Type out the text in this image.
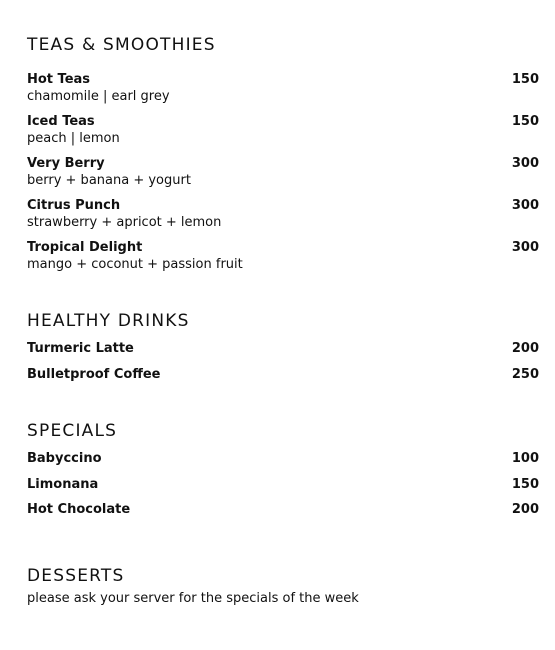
TEAS & SMOOTHIES
Hot Teas
chamomile | earl grey
150
Iced Teas
peach | lemon
150
Very Berry
berry + banana + yogurt
300
Citrus Punch
strawberry + apricot + lemon
300
Tropical Delight
mango + coconut + passion fruit
300
HEALTHY DRINKS
Turmeric Latte	200
Bulletproof Coffee	250
SPECIALS
Babyccino	100
Limonana	150
Hot Chocolate	200
DESSERTS
please ask your server for the specials of the week
